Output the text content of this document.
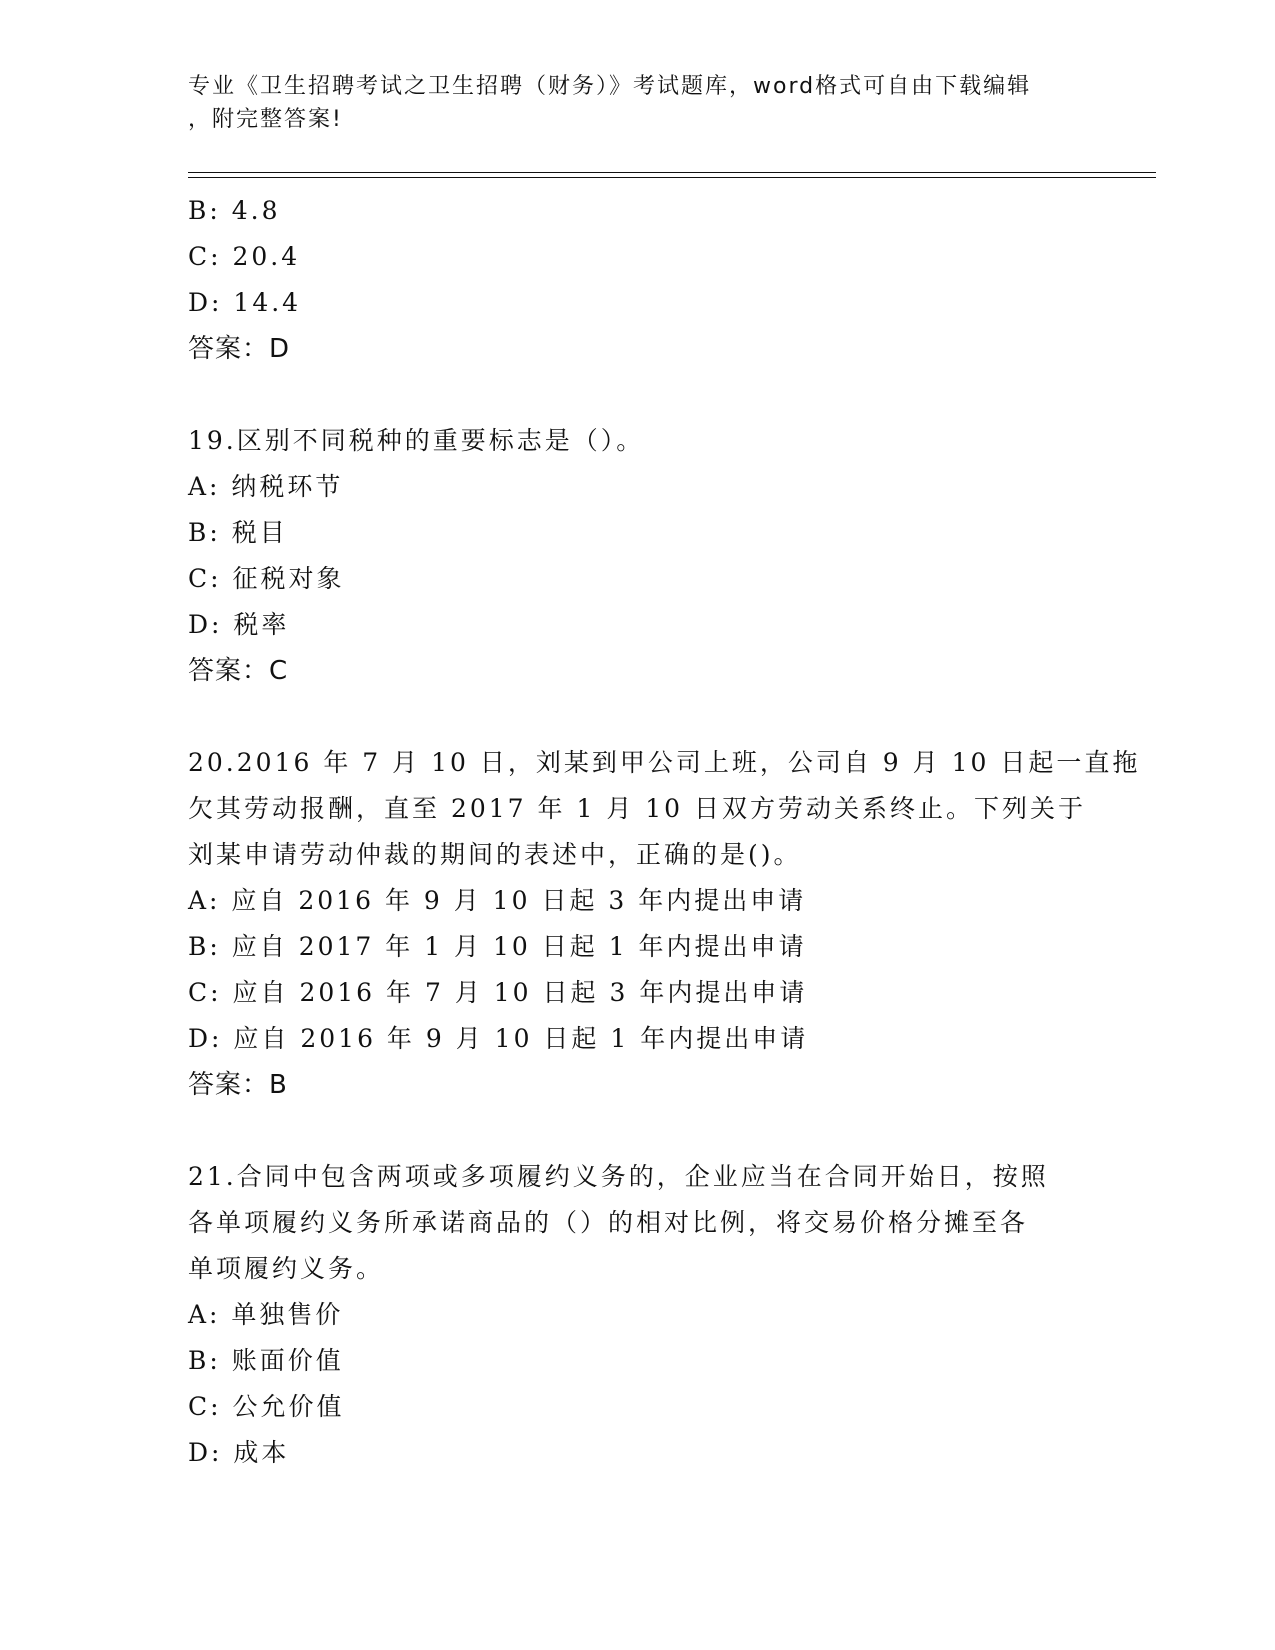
专业《卫生招聘考试之卫生招聘（财务）》考试题库，word格式可自由下载编辑
，附完整答案!
B: 4.8
C: 20.4
D: 14.4
答案：D
19.区别不同税种的重要标志是（）。
A: 纳税环节
B: 税目
C: 征税对象
D: 税率
答案：C
20.2016 年 7 月 10 日，刘某到甲公司上班，公司自 9 月 10 日起一直拖
欠其劳动报酬，直至 2017 年 1 月 10 日双方劳动关系终止。下列关于
刘某申请劳动仲裁的期间的表述中，正确的是()。
A: 应自 2016 年 9 月 10 日起 3 年内提出申请
B: 应自 2017 年 1 月 10 日起 1 年内提出申请
C: 应自 2016 年 7 月 10 日起 3 年内提出申请
D: 应自 2016 年 9 月 10 日起 1 年内提出申请
答案：B
21.合同中包含两项或多项履约义务的，企业应当在合同开始日，按照
各单项履约义务所承诺商品的（）的相对比例，将交易价格分摊至各
单项履约义务。
A: 单独售价
B: 账面价值
C: 公允价值
D: 成本
